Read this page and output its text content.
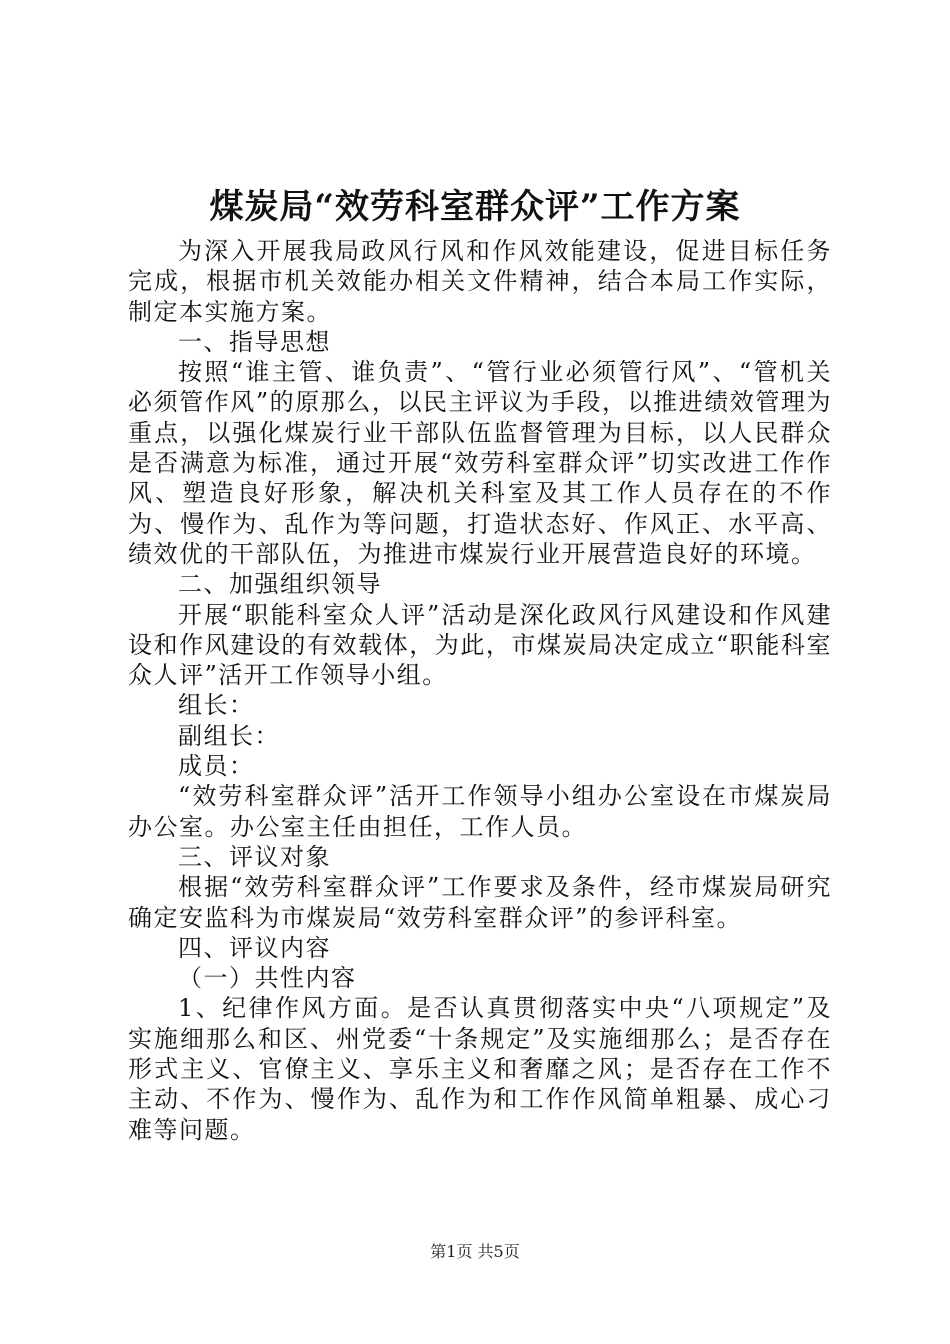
煤炭局“效劳科室群众评”工作方案

为深入开展我局政风行风和作风效能建设，促进目标任务完成，根据市机关效能办相关文件精神，结合本局工作实际，制定本实施方案。

一、指导思想

按照“谁主管、谁负责”、“管行业必须管行风”、“管机关必须管作风”的原那么，以民主评议为手段，以推进绩效管理为重点，以强化煤炭行业干部队伍监督管理为目标，以人民群众是否满意为标准，通过开展“效劳科室群众评”切实改进工作作风、塑造良好形象，解决机关科室及其工作人员存在的不作为、慢作为、乱作为等问题，打造状态好、作风正、水平高、绩效优的干部队伍，为推进市煤炭行业开展营造良好的环境。

二、加强组织领导

开展“职能科室众人评”活动是深化政风行风建设和作风建设和作风建设的有效载体，为此，市煤炭局决定成立“职能科室众人评”活开工作领导小组。

组长：

副组长：

成员：

“效劳科室群众评”活开工作领导小组办公室设在市煤炭局办公室。办公室主任由担任，工作人员。

三、评议对象

根据“效劳科室群众评”工作要求及条件，经市煤炭局研究确定安监科为市煤炭局“效劳科室群众评”的参评科室。

四、评议内容

（一）共性内容

1、纪律作风方面。是否认真贯彻落实中央“八项规定”及实施细那么和区、州党委“十条规定”及实施细那么；是否存在形式主义、官僚主义、享乐主义和奢靡之风；是否存在工作不主动、不作为、慢作为、乱作为和工作作风简单粗暴、成心刁难等问题。

第1页 共5页
